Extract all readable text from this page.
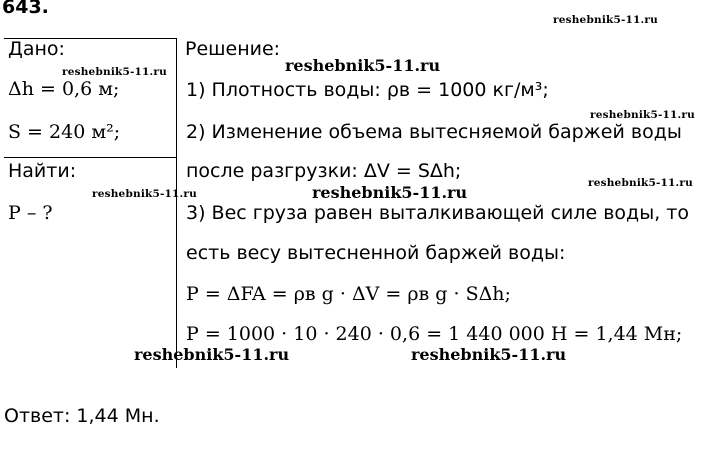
643.
Дано:
Δh = 0,6 м;
S = 240 м²;
Найти:
P – ?
Решение:
1) Плотность воды: ρв = 1000 кг/м³;
2) Изменение объема вытесняемой баржей воды
после разгрузки: ΔV = SΔh;
3) Вес груза равен выталкивающей силе воды, то
есть весу вытесненной баржей воды:
P = ΔFA = ρв g · ΔV = ρв g · SΔh;
P = 1000 · 10 · 240 · 0,6 = 1 440 000 Н = 1,44 Мн;
Ответ: 1,44 Мн.
reshebnik5-11.ru
reshebnik5-11.ru	reshebnik5-11.ru
reshebnik5-11.ru
reshebnik5-11.ru
reshebnik5-11.ru	reshebnik5-11.ru
reshebnik5-11.ru	reshebnik5-11.ru
